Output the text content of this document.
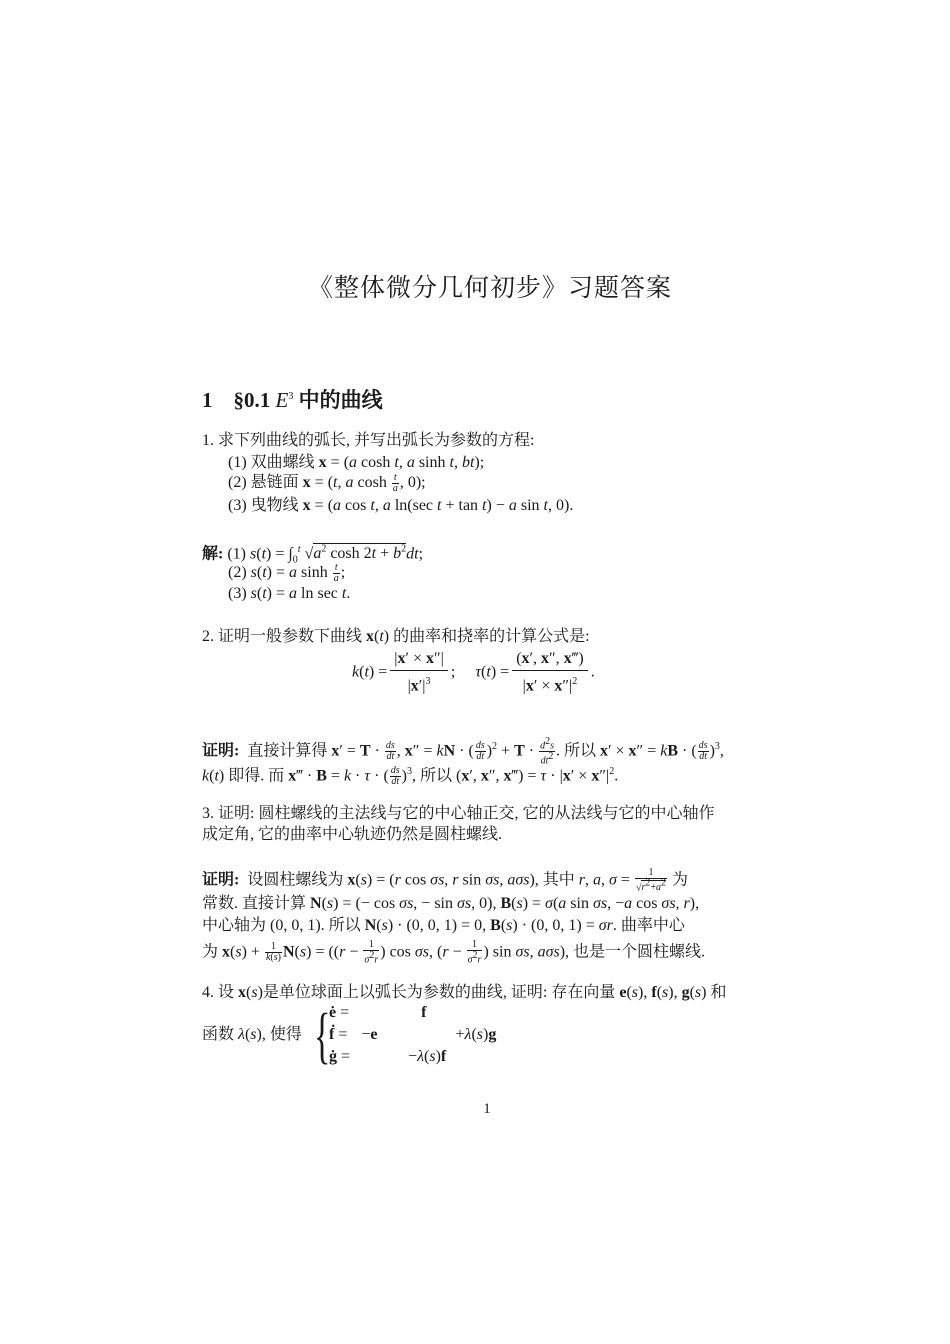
《整体微分几何初步》习题答案
1 §0.1 $E^3$ 中的曲线
1. 求下列曲线的弧长, 并写出弧长为参数的方程:
(1) 双曲螺线 x = (a cosh t, a sinh t, bt);
(2) 悬链面 x = (t, a $\cosh \frac{t}{a}$ , 0);
(3) 曳物线 x = (a cos t, a ln(sec t + tan t) − a sin t, 0).
解: (1) $s(t) = \int_0^t$ $√a^2$ $\cosh 2t + b^2dt$;
(2) s(t) = a $\sinh \frac{t}{a}$ ;
(3) s(t) = a ln sec t.
2. 证明一般参数下曲线 x(t) 的曲率和挠率的计算公式是:
$k(t) = \frac{|x' \times x''|}{|x'|^3}$ ;     $\tau(t) = \frac{(x', x'', x‴)}{|x' \times x''|^2}$ .
证明: 直接计算得 $x' = T \cdot \frac{ds}{dt}$ , x″ = kN · ( $\frac{ds}{dt} )^2 + T \cdot \frac{d^2s}{dt^2}$ . 所以 x′ × x″ = kB · ( $\frac{ds}{dt} )^3$,
k(t) 即得. 而 x‴ · B = k · τ · ( $\frac{ds}{dt} )^3$, 所以 (x′, x″, x‴) = $\tau \cdot |x' \times x''|^2$.
3. 证明: 圆柱螺线的主法线与它的中心轴正交, 它的从法线与它的中心轴作
成定角, 它的曲率中心轨迹仍然是圆柱螺线.
证明: 设圆柱螺线为 x(s) = (r cos σs, r sin σs, aσs), 其中 r, a, $\sigma = \frac{1}{√r^2+a^2}$ 为
常数. 直接计算 N(s) = (− cos σs, − sin σs, 0), B(s) = σ(a sin σs, −a cos σs, r),
中心轴为 (0, 0, 1). 所以 N(s) · (0, 0, 1) = 0, B(s) · (0, 0, 1) = σr. 曲率中心
为 $x(s) + \frac{1}{k(s)} N(s) = ((r - \frac{1}{\sigma^2r}$ ) cos σs, ($r - \frac{1}{\sigma^2r}$ ) sin σs, aσs), 也是一个圆柱螺线.
4. 设 x(s)是单位球面上以弧长为参数的曲线, 证明: 存在向量 e(s), f(s), g(s) 和
函数 λ(s), 使得 {
ė =	f
ḟ = −e	+λ(s)g
ġ =	−λ(s)f
1
